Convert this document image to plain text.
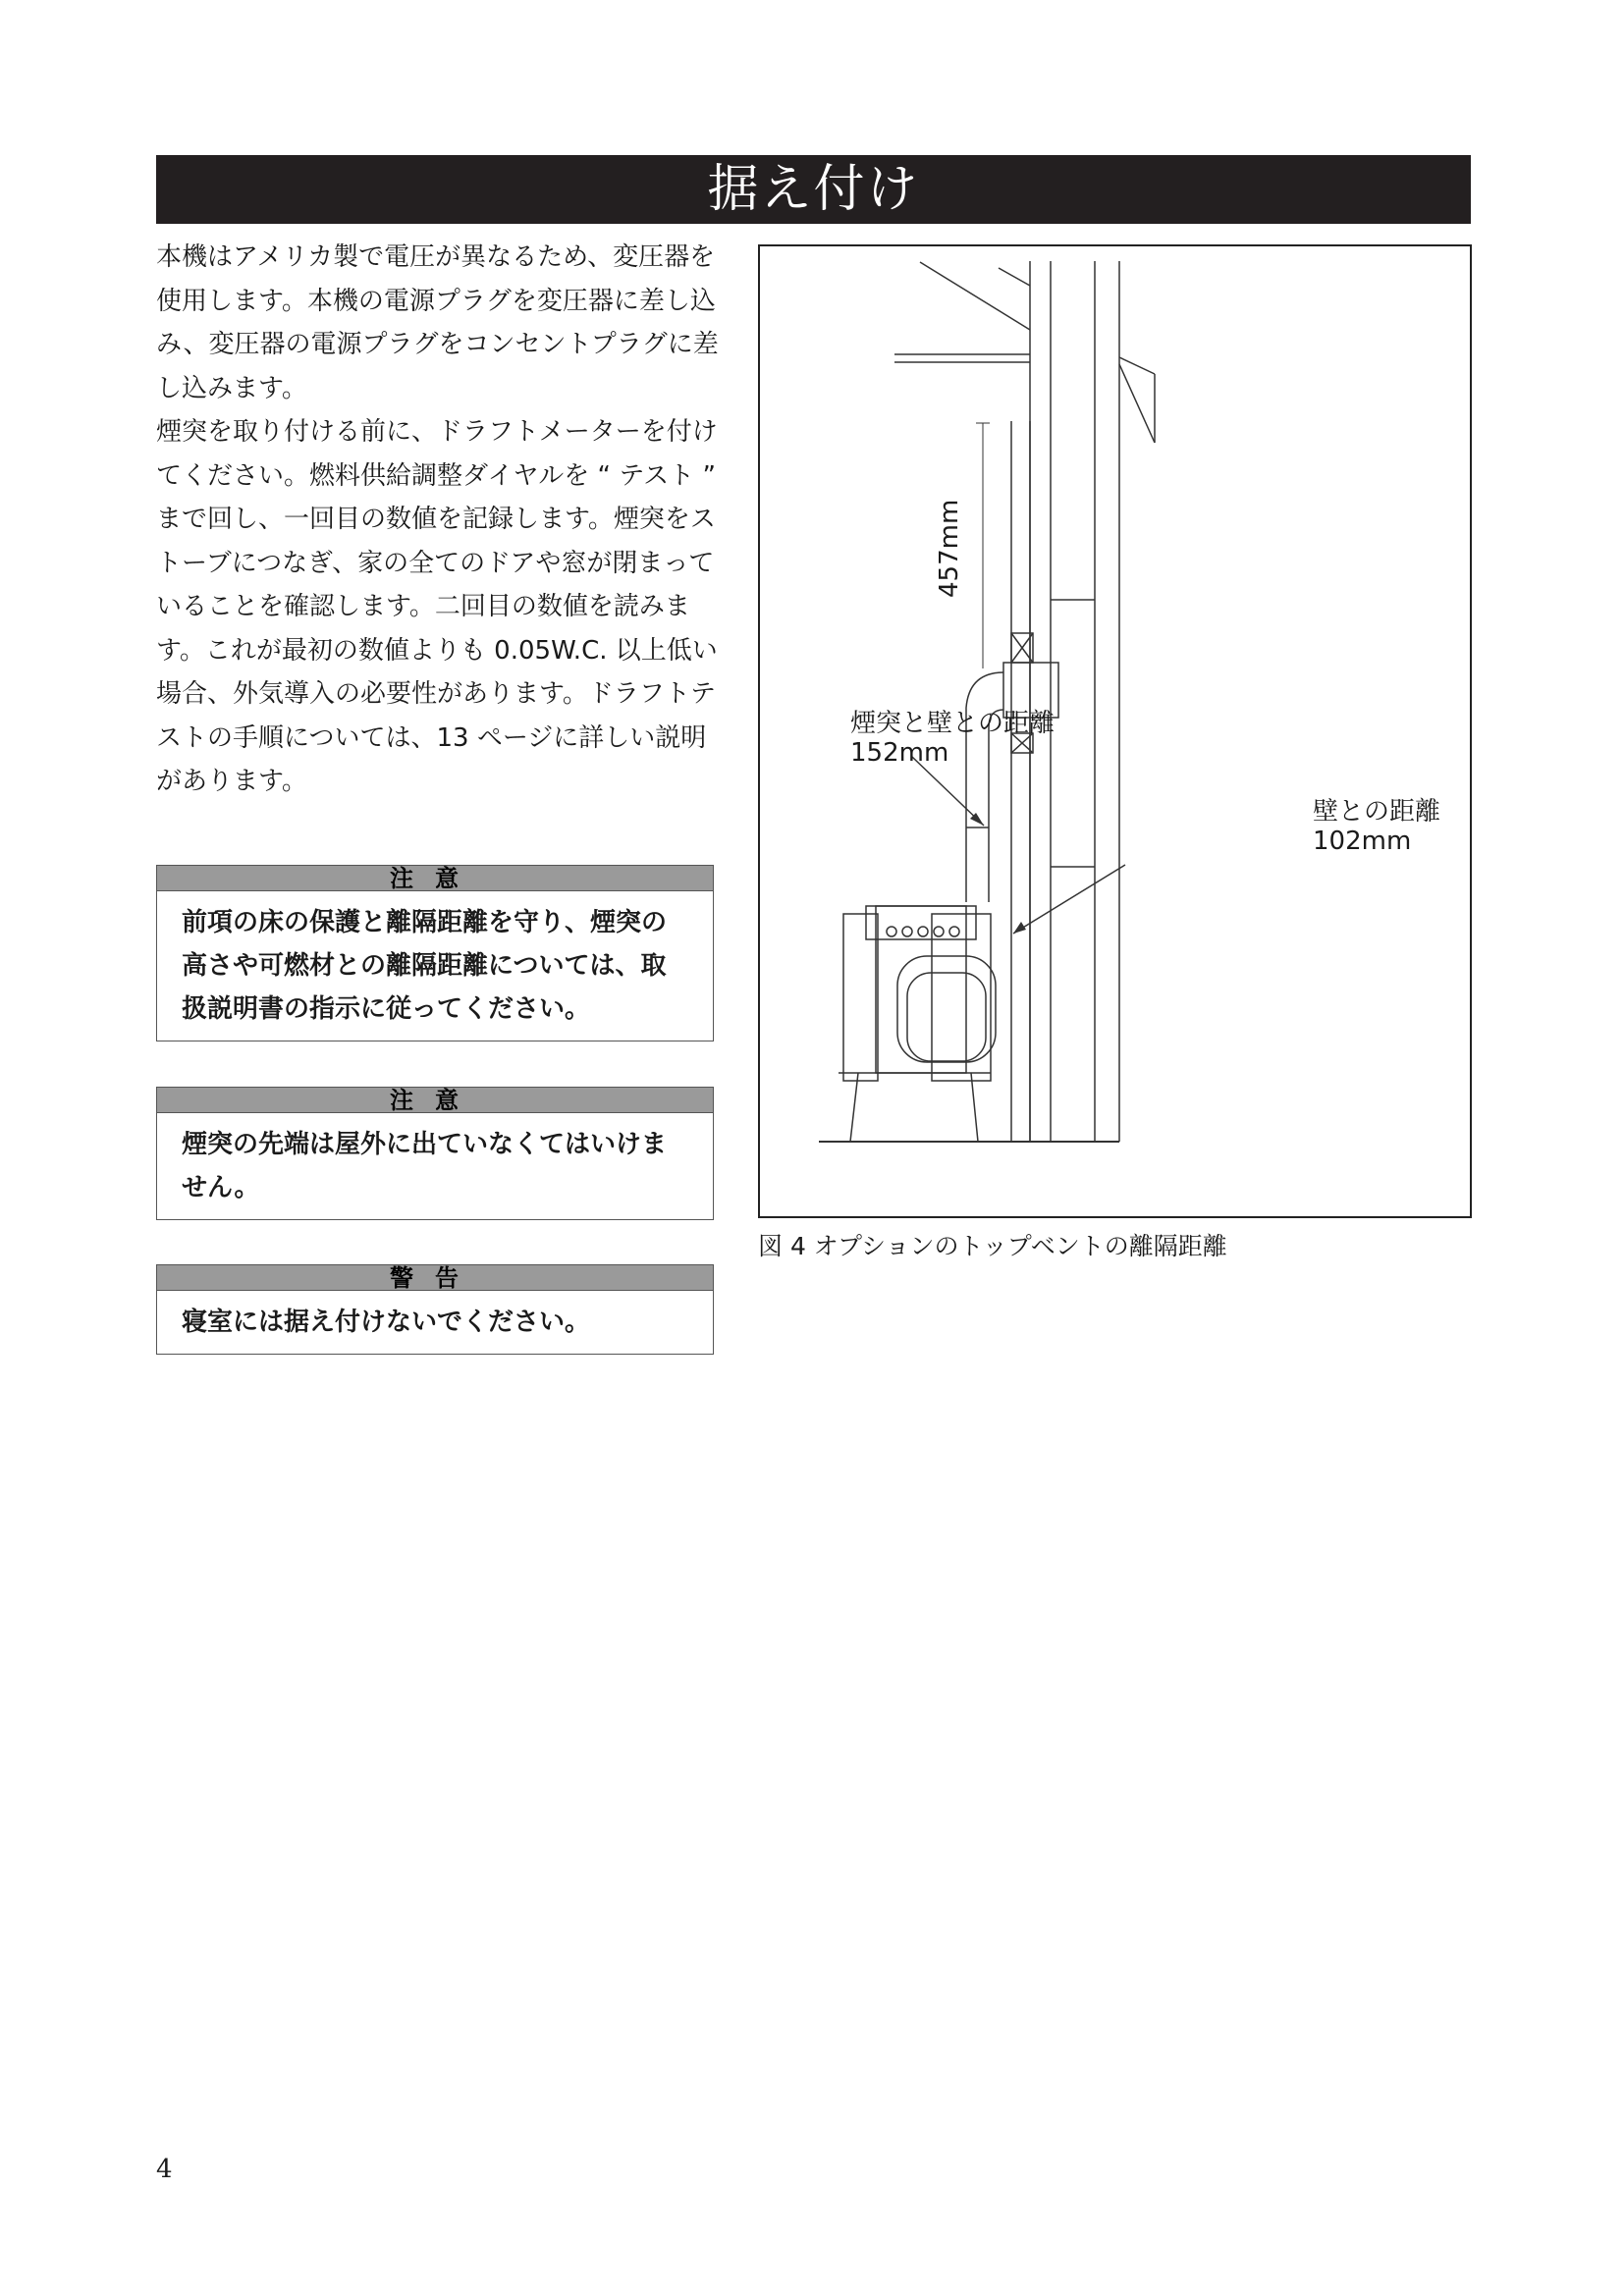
据え付け

本機はアメリカ製で電圧が異なるため、変圧器を使用します。本機の電源プラグを変圧器に差し込み、変圧器の電源プラグをコンセントプラグに差し込みます。

煙突を取り付ける前に、ドラフトメーターを付けてください。燃料供給調整ダイヤルを “ テスト ” まで回し、一回目の数値を記録します。煙突をストーブにつなぎ、家の全てのドアや窓が閉まっていることを確認します。二回目の数値を読みます。これが最初の数値よりも 0.05W.C. 以上低い場合、外気導入の必要性があります。ドラフトテストの手順については、13 ページに詳しい説明があります。

注意
前項の床の保護と離隔距離を守り、煙突の高さや可燃材との離隔距離については、取扱説明書の指示に従ってください。
注意
煙突の先端は屋外に出ていなくてはいけません。
警告
寝室には据え付けないでください。
457mm
煙突と壁との距離
152mm
壁との距離
102mm
図 4 オプションのトップベントの離隔距離
4
